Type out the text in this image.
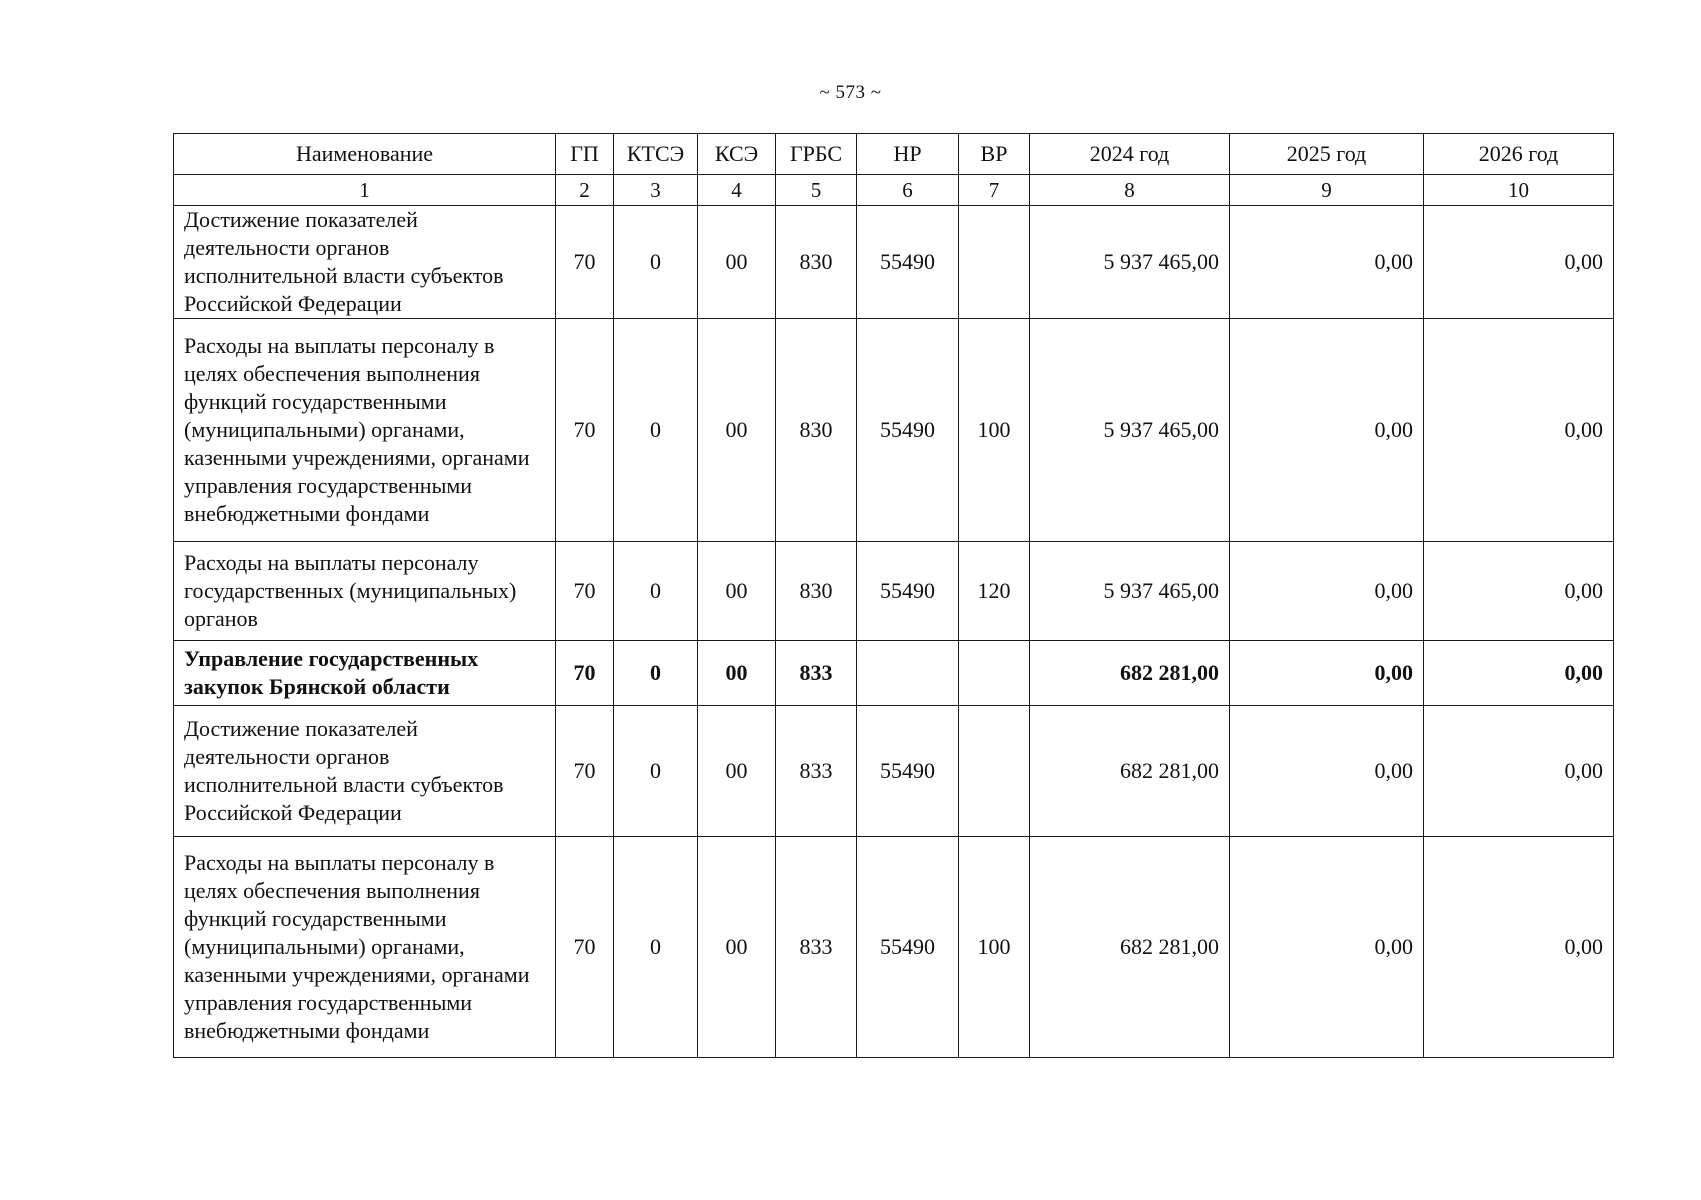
~ 573 ~
Наименование	ГП	КТСЭ	КСЭ	ГРБС	НР	ВР	2024 год	2025 год	2026 год
1	2	3	4	5	6	7	8	9	10
Достижение показателей деятельности органов исполнительной власти субъектов Российской Федерации	70	0	00	830	55490		5 937 465,00	0,00	0,00
Расходы на выплаты персоналу в целях обеспечения выполнения функций государственными (муниципальными) органами, казенными учреждениями, органами управления государственными внебюджетными фондами	70	0	00	830	55490	100	5 937 465,00	0,00	0,00
Расходы на выплаты персоналу государственных (муниципальных) органов	70	0	00	830	55490	120	5 937 465,00	0,00	0,00
Управление государственных закупок Брянской области	70	0	00	833			682 281,00	0,00	0,00
Достижение показателей деятельности органов исполнительной власти субъектов Российской Федерации	70	0	00	833	55490		682 281,00	0,00	0,00
Расходы на выплаты персоналу в целях обеспечения выполнения функций государственными (муниципальными) органами, казенными учреждениями, органами управления государственными внебюджетными фондами	70	0	00	833	55490	100	682 281,00	0,00	0,00
